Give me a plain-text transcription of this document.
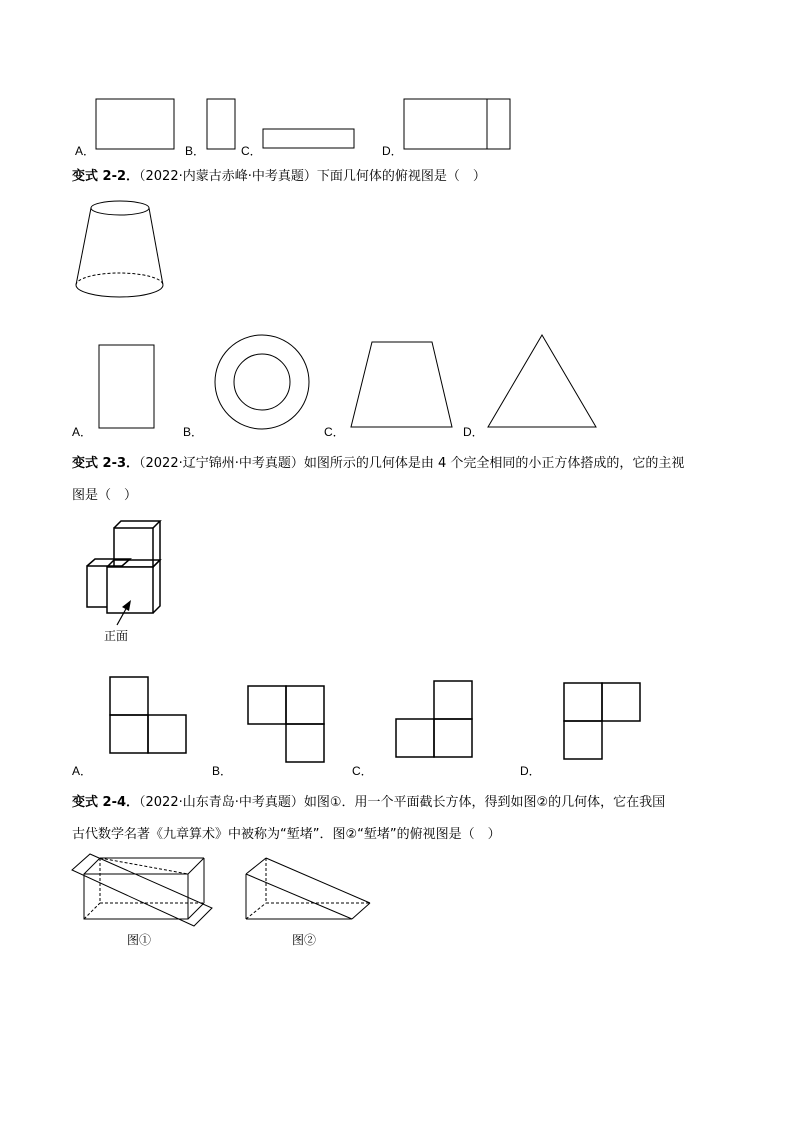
A．	B．	C．	D．
变式 2-2．（2022·内蒙古赤峰·中考真题）下面几何体的俯视图是（　）
A．	B．	C．	D．
变式 2-3．（2022·辽宁锦州·中考真题）如图所示的几何体是由 4 个完全相同的小正方体搭成的，它的主视
图是（　）
正面
A．	B．	C．	D．
变式 2-4．（2022·山东青岛·中考真题）如图①．用一个平面截长方体，得到如图②的几何体，它在我国
古代数学名著《九章算术》中被称为“堑堵”．图②“堑堵”的俯视图是（　）
图①	图②
